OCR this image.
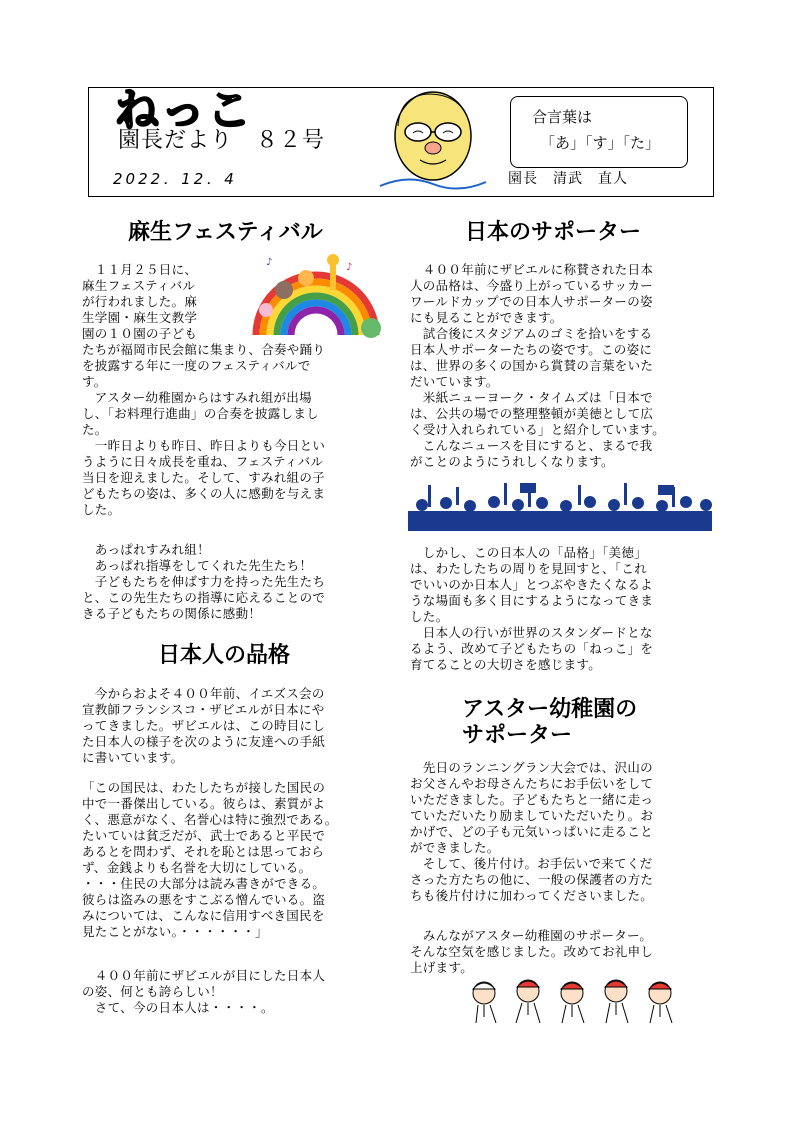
ねっこ
園長だより　８２号
2022．12．4	園長　清武　直人
合言葉は
「あ」「す」「た」
麻生フェスティバル
♪
♪
　１１月２５日に、
麻生フェスティバル
が行われました。麻
生学園・麻生文教学
園の１０園の子ども
たちが福岡市民会館に集まり、合奏や踊り
を披露する年に一度のフェスティバルで
す。
　アスター幼稚園からはすみれ組が出場
し、「お料理行進曲」の合奏を披露しまし
た。
　一昨日よりも昨日、昨日よりも今日とい
うように日々成長を重ね、フェスティバル
当日を迎えました。そして、すみれ組の子
どもたちの姿は、多くの人に感動を与えま
した。
　あっぱれすみれ組！
　あっぱれ指導をしてくれた先生たち！
　子どもたちを伸ばす力を持った先生たち
と、この先生たちの指導に応えることので
きる子どもたちの関係に感動！
日本人の品格
　今からおよそ４００年前、イエズス会の
宣教師フランシスコ・ザビエルが日本にや
ってきました。ザビエルは、この時目にし
た日本人の様子を次のように友達への手紙
に書いています。
「この国民は、わたしたちが接した国民の
中で一番傑出している。彼らは、素質がよ
く、悪意がなく、名誉心は特に強烈である。
たいていは貧乏だが、武士であると平民で
あるとを問わず、それを恥とは思っておら
ず、金銭よりも名誉を大切にしている。
・・・住民の大部分は読み書きができる。
彼らは盗みの悪をすこぶる憎んでいる。盗
みについては、こんなに信用すべき国民を
見たことがない。・・・・・・」
　４００年前にザビエルが目にした日本人
の姿、何とも誇らしい！
　さて、今の日本人は・・・・。
日本のサポーター
　４００年前にザビエルに称賛された日本
人の品格は、今盛り上がっているサッカー
ワールドカップでの日本人サポーターの姿
にも見ることができます。
　試合後にスタジアムのゴミを拾いをする
日本人サポーターたちの姿です。この姿に
は、世界の多くの国から賞賛の言葉をいた
だいています。
　米紙ニューヨーク・タイムズは「日本で
は、公共の場での整理整頓が美徳として広
く受け入れられている」と紹介しています。
　こんなニュースを目にすると、まるで我
がことのようにうれしくなります。
　しかし、この日本人の「品格」「美徳」
は、わたしたちの周りを見回すと、「これ
でいいのか日本人」とつぶやきたくなるよ
うな場面も多く目にするようになってきま
した。
　日本人の行いが世界のスタンダードとな
るよう、改めて子どもたちの「ねっこ」を
育てることの大切さを感じます。
アスター幼稚園の
サポーター
　先日のランニングラン大会では、沢山の
お父さんやお母さんたちにお手伝いをして
いただきました。子どもたちと一緒に走っ
ていただいたり励ましていただいたり。お
かげで、どの子も元気いっぱいに走ること
ができました。
　そして、後片付け。お手伝いで来てくだ
さった方たちの他に、一般の保護者の方た
ちも後片付けに加わってくださいました。
　みんながアスター幼稚園のサポーター。
そんな空気を感じました。改めてお礼申し
上げます。
